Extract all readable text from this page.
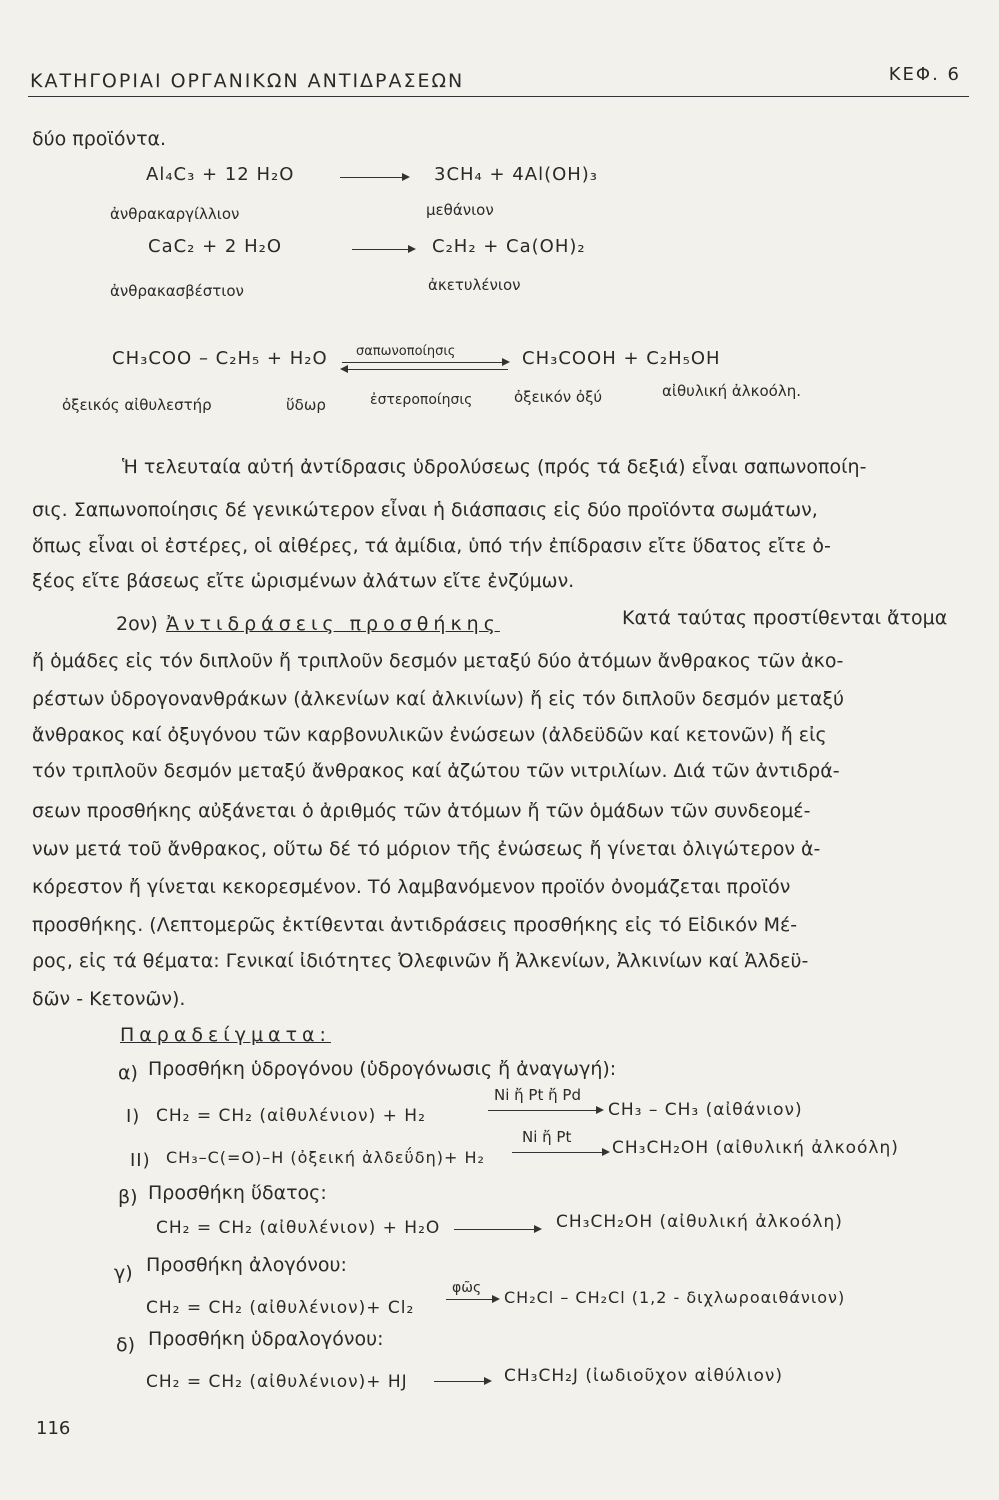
ΚΑΤΗΓΟΡΙΑΙ ΟΡΓΑΝΙΚΩΝ ΑΝΤΙΔΡΑΣΕΩΝ	ΚΕΦ. 6
δύο προϊόντα.
Al₄C₃ + 12 H₂O	3CH₄ + 4Al(OH)₃
ἀνθρακαργίλλιον	μεθάνιον
CaC₂ + 2 H₂O	C₂H₂ + Ca(OH)₂
ἀνθρακασβέστιον	ἀκετυλένιον
CH₃COO – C₂H₅ + H₂O σαπωνοποίησις	CH₃COOH + C₂H₅OH
ὀξεικός αἰθυλεστήρ	ὕδωρ	ἐστεροποίησις	ὀξεικόν ὀξύ	αἰθυλική ἀλκοόλη.
Ἡ τελευταία αὐτή ἀντίδρασις ὑδρολύσεως (πρός τά δεξιά) εἶναι σαπωνοποίη-
σις. Σαπωνοποίησις δέ γενικώτερον εἶναι ἡ διάσπασις εἰς δύο προϊόντα σωμάτων,
ὅπως εἶναι οἱ ἐστέρες, οἱ αἰθέρες, τά ἀμίδια, ὑπό τήν ἐπίδρασιν εἴτε ὕδατος εἴτε ὀ-
ξέος εἴτε βάσεως εἴτε ὡρισμένων ἀλάτων εἴτε ἐνζύμων.
2ον) Ἀντιδράσεις προσθήκης	Κατά ταύτας προστίθενται ἄτομα
ἤ ὁμάδες εἰς τόν διπλοῦν ἤ τριπλοῦν δεσμόν μεταξύ δύο ἀτόμων ἄνθρακος τῶν ἀκο-
ρέστων ὑδρογονανθράκων (ἀλκενίων καί ἀλκινίων) ἤ εἰς τόν διπλοῦν δεσμόν μεταξύ
ἄνθρακος καί ὀξυγόνου τῶν καρβονυλικῶν ἐνώσεων (ἀλδεϋδῶν καί κετονῶν) ἤ εἰς
τόν τριπλοῦν δεσμόν μεταξύ ἄνθρακος καί ἀζώτου τῶν νιτριλίων. Διά τῶν ἀντιδρά-
σεων προσθήκης αὐξάνεται ὁ ἀριθμός τῶν ἀτόμων ἤ τῶν ὁμάδων τῶν συνδεομέ-
νων μετά τοῦ ἄνθρακος, οὕτω δέ τό μόριον τῆς ἐνώσεως ἤ γίνεται ὀλιγώτερον ἀ-
κόρεστον ἤ γίνεται κεκορεσμένον. Τό λαμβανόμενον προϊόν ὀνομάζεται προϊόν
προσθήκης. (Λεπτομερῶς ἐκτίθενται ἀντιδράσεις προσθήκης εἰς τό Εἰδικόν Μέ-
ρος, εἰς τά θέματα: Γενικαί ἰδιότητες Ὀλεφινῶν ἤ Ἀλκενίων, Ἀλκινίων καί Ἀλδεϋ-
δῶν - Κετονῶν).
Παραδείγματα:
α) Προσθήκη ὑδρογόνου (ὑδρογόνωσις ἤ ἀναγωγή):
I) CH₂ = CH₂ (αἰθυλένιον) + H₂
Ni ἤ Pt ἤ Pd
CH₃ – CH₃ (αἰθάνιον)
II) CH₃–C(=O)–H (ὀξεική ἀλδεΰδη)+ H₂
Ni ἤ Pt
CH₃CH₂OH (αἰθυλική ἀλκοόλη)
β) Προσθήκη ὕδατος:
CH₂ = CH₂ (αἰθυλένιον) + H₂O	CH₃CH₂OH (αἰθυλική ἀλκοόλη)
γ) Προσθήκη ἀλογόνου:
CH₂ = CH₂ (αἰθυλένιον)+ Cl₂
φῶς CH₂Cl – CH₂Cl (1,2 - διχλωροαιθάνιον)
δ) Προσθήκη ὑδραλογόνου:
CH₂ = CH₂ (αἰθυλένιον)+ HJ	CH₃CH₂J (ἰωδιοῦχον αἰθύλιον)
116
